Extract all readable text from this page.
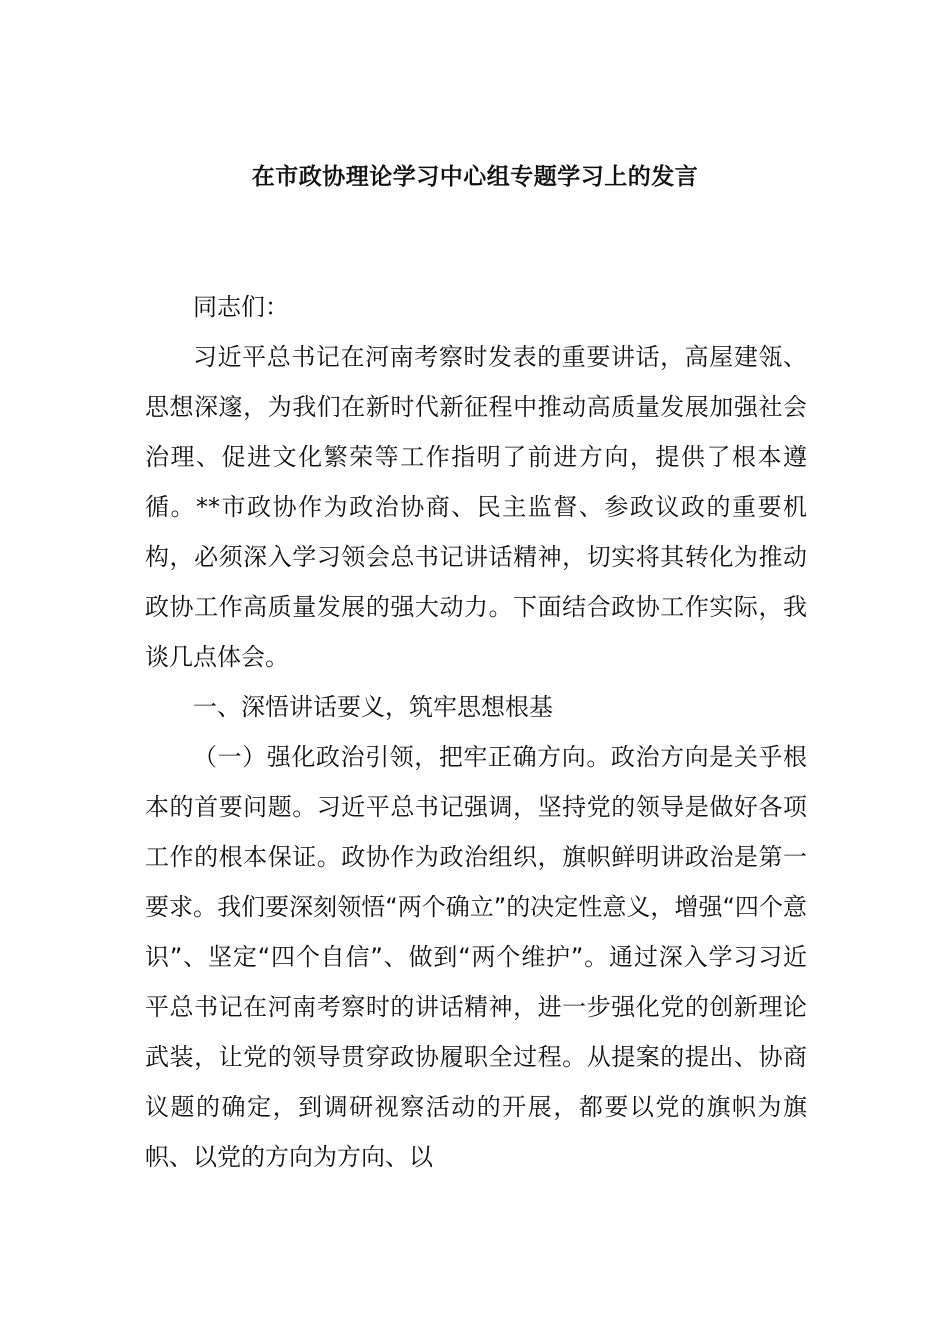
在市政协理论学习中心组专题学习上的发言

同志们：

习近平总书记在河南考察时发表的重要讲话，高屋建瓴、思想深邃，为我们在新时代新征程中推动高质量发展加强社会治理、促进文化繁荣等工作指明了前进方向，提供了根本遵循。**市政协作为政治协商、民主监督、参政议政的重要机构，必须深入学习领会总书记讲话精神，切实将其转化为推动政协工作高质量发展的强大动力。下面结合政协工作实际，我谈几点体会。

一、深悟讲话要义，筑牢思想根基

（一）强化政治引领，把牢正确方向。政治方向是关乎根本的首要问题。习近平总书记强调，坚持党的领导是做好各项工作的根本保证。政协作为政治组织，旗帜鲜明讲政治是第一要求。我们要深刻领悟“两个确立”的决定性意义，增强“四个意识”、坚定“四个自信”、做到“两个维护”。通过深入学习习近平总书记在河南考察时的讲话精神，进一步强化党的创新理论武装，让党的领导贯穿政协履职全过程。从提案的提出、协商议题的确定，到调研视察活动的开展，都要以党的旗帜为旗帜、以党的方向为方向、以
